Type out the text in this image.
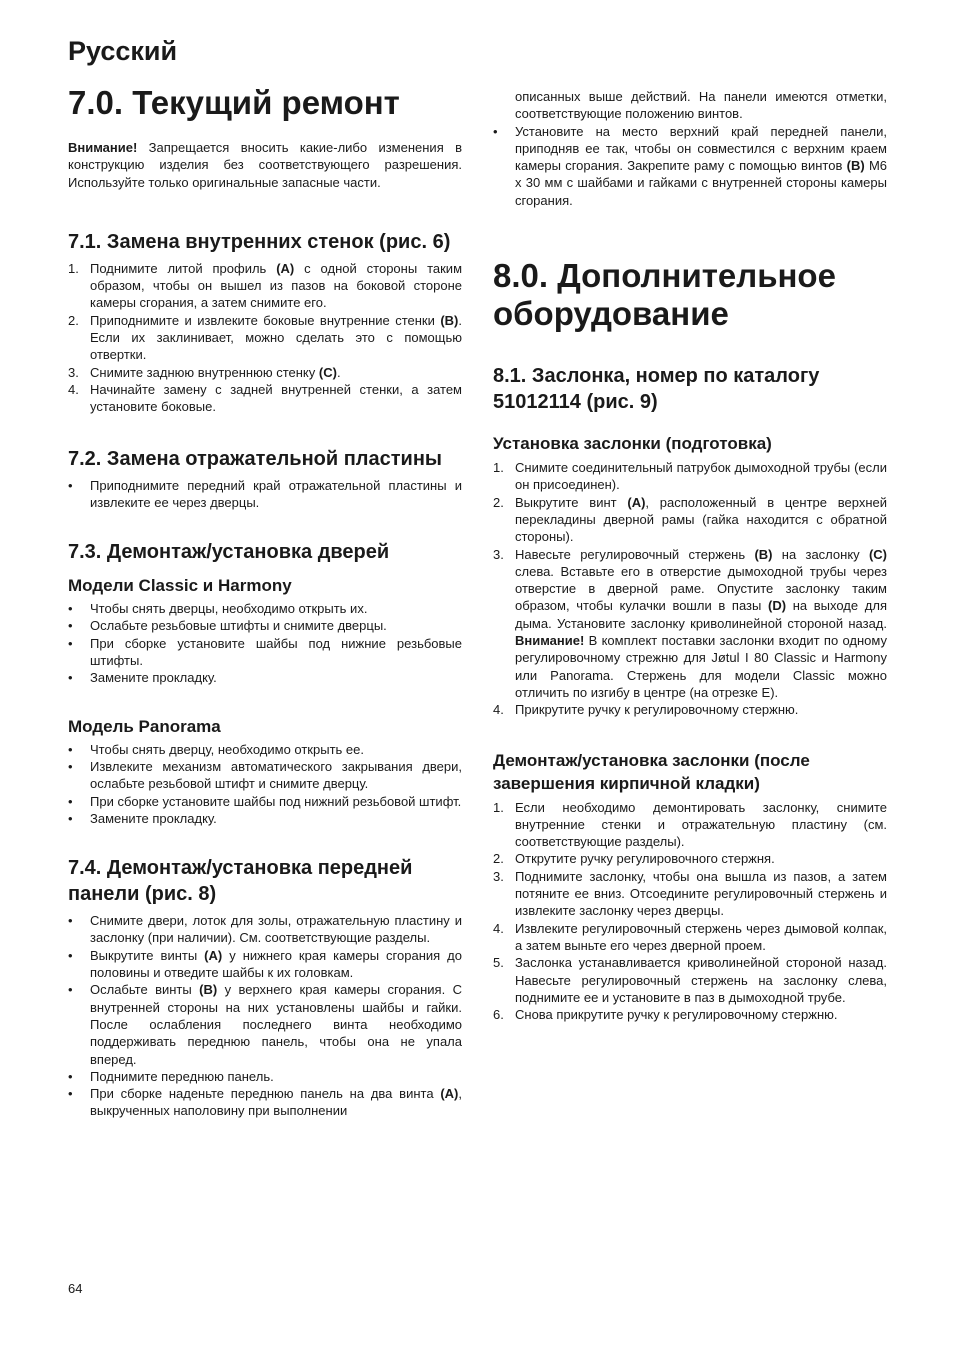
Русский
7.0. Текущий ремонт

Внимание! Запрещается вносить какие-либо изменения в конструкцию изделия без соответствующего разрешения. Используйте только оригинальные запасные части.

7.1. Замена внутренних стенок (рис. 6)
1. Поднимите литой профиль (A) с одной стороны таким образом, чтобы он вышел из пазов на боковой стороне камеры сгорания, а затем снимите его.
2. Приподнимите и извлеките боковые внутренние стенки (B). Если их заклинивает, можно сделать это с помощью отвертки.
3. Снимите заднюю внутреннюю стенку (C).
4. Начинайте замену с задней внутренней стенки, а затем установите боковые.
7.2. Замена отражательной пластины
• Приподнимите передний край отражательной пластины и извлеките ее через дверцы.
7.3. Демонтаж/установка дверей
Модели Classic и Harmony
• Чтобы снять дверцы, необходимо открыть их.
• Ослабьте резьбовые штифты и снимите дверцы.
• При сборке установите шайбы под нижние резьбовые штифты.
• Замените прокладку.
Модель Panorama
• Чтобы снять дверцу, необходимо открыть ее.
• Извлеките механизм автоматического закрывания двери, ослабьте резьбовой штифт и снимите дверцу.
• При сборке установите шайбы под нижний резьбовой штифт.
• Замените прокладку.
7.4. Демонтаж/установка передней панели (рис. 8)
• Снимите двери, лоток для золы, отражательную пластину и заслонку (при наличии). См. соответствующие разделы.
• Выкрутите винты (A) у нижнего края камеры сгорания до половины и отведите шайбы к их головкам.
• Ослабьте винты (B) у верхнего края камеры сгорания. С внутренней стороны на них установлены шайбы и гайки. После ослабления последнего винта необходимо поддерживать переднюю панель, чтобы она не упала вперед.
• Поднимите переднюю панель.
• При сборке наденьте переднюю панель на два винта (A), выкрученных наполовину при выполнении

описанных выше действий. На панели имеются отметки, соответствующие положению винтов.

• Установите на место верхний край передней панели, приподняв ее так, чтобы он совместился с верхним краем камеры сгорания. Закрепите раму с помощью винтов (B) M6 x 30 мм с шайбами и гайками с внутренней стороны камеры сгорания.
8.0. Дополнительное оборудование
8.1. Заслонка, номер по каталогу 51012114 (рис. 9)
Установка заслонки (подготовка)
1. Снимите соединительный патрубок дымоходной трубы (если он присоединен).
2. Выкрутите винт (A), расположенный в центре верхней перекладины дверной рамы (гайка находится с обратной стороны).
3. Навесьте регулировочный стержень (B) на заслонку (C) слева. Вставьте его в отверстие дымоходной трубы через отверстие в дверной раме. Опустите заслонку таким образом, чтобы кулачки вошли в пазы (D) на выходе для дыма. Установите заслонку криволинейной стороной назад. Внимание! В комплект поставки заслонки входит по одному регулировочному стрежню для Jøtul I 80 Classic и Harmony или Panorama. Стержень для модели Classic можно отличить по изгибу в центре (на отрезке E).
4. Прикрутите ручку к регулировочному стержню.
Демонтаж/установка заслонки (после завершения кирпичной кладки)
1. Если необходимо демонтировать заслонку, снимите внутренние стенки и отражательную пластину (см. соответствующие разделы).
2. Открутите ручку регулировочного стержня.
3. Поднимите заслонку, чтобы она вышла из пазов, а затем потяните ее вниз. Отсоедините регулировочный стержень и извлеките заслонку через дверцы.
4. Извлеките регулировочный стержень через дымовой колпак, а затем выньте его через дверной проем.
5. Заслонка устанавливается криволинейной стороной назад. Навесьте регулировочный стержень на заслонку слева, поднимите ее и установите в паз в дымоходной трубе.
6. Снова прикрутите ручку к регулировочному стержню.
64
